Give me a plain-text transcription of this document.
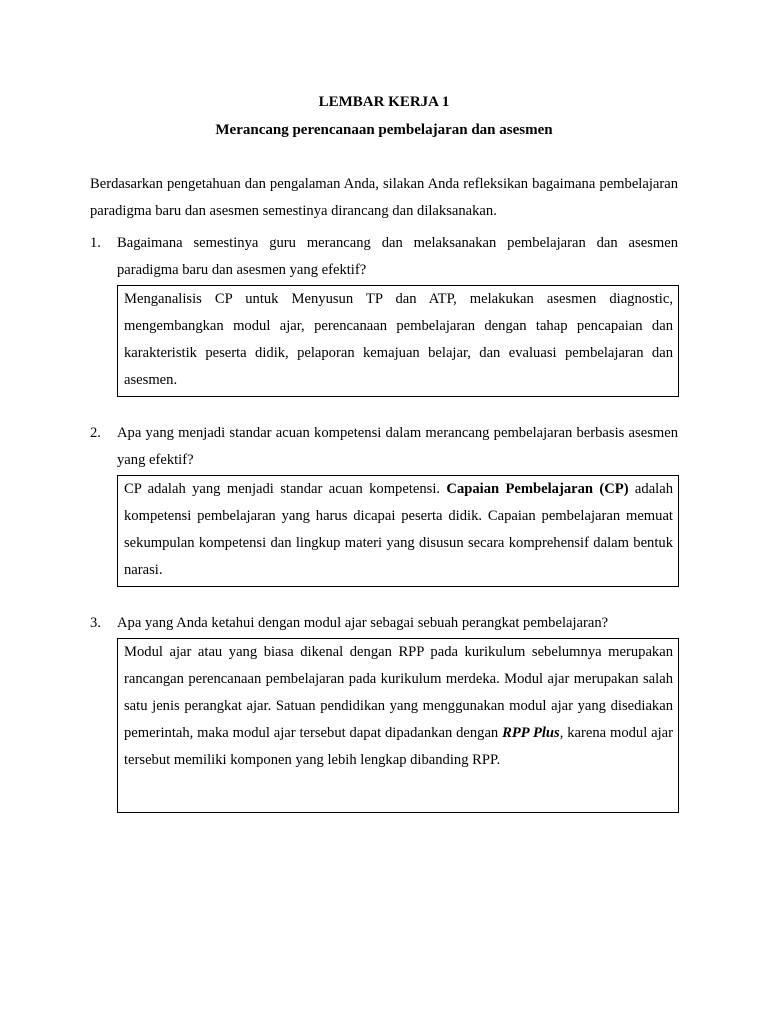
LEMBAR KERJA 1
Merancang perencanaan pembelajaran dan asesmen
Berdasarkan pengetahuan dan pengalaman Anda, silakan Anda refleksikan bagaimana pembelajaran paradigma baru dan asesmen semestinya dirancang dan dilaksanakan.
1. Bagaimana semestinya guru merancang dan melaksanakan pembelajaran dan asesmen paradigma baru dan asesmen yang efektif?
Menganalisis CP untuk Menyusun TP dan ATP, melakukan asesmen diagnostic, mengembangkan modul ajar, perencanaan pembelajaran dengan tahap pencapaian dan karakteristik peserta didik, pelaporan kemajuan belajar, dan evaluasi pembelajaran dan asesmen.
2. Apa yang menjadi standar acuan kompetensi dalam merancang pembelajaran berbasis asesmen yang efektif?
CP adalah yang menjadi standar acuan kompetensi. Capaian Pembelajaran (CP) adalah kompetensi pembelajaran yang harus dicapai peserta didik. Capaian pembelajaran memuat sekumpulan kompetensi dan lingkup materi yang disusun secara komprehensif dalam bentuk narasi.
3. Apa yang Anda ketahui dengan modul ajar sebagai sebuah perangkat pembelajaran?
Modul ajar atau yang biasa dikenal dengan RPP pada kurikulum sebelumnya merupakan rancangan perencanaan pembelajaran pada kurikulum merdeka. Modul ajar merupakan salah satu jenis perangkat ajar. Satuan pendidikan yang menggunakan modul ajar yang disediakan pemerintah, maka modul ajar tersebut dapat dipadankan dengan RPP Plus, karena modul ajar tersebut memiliki komponen yang lebih lengkap dibanding RPP.
